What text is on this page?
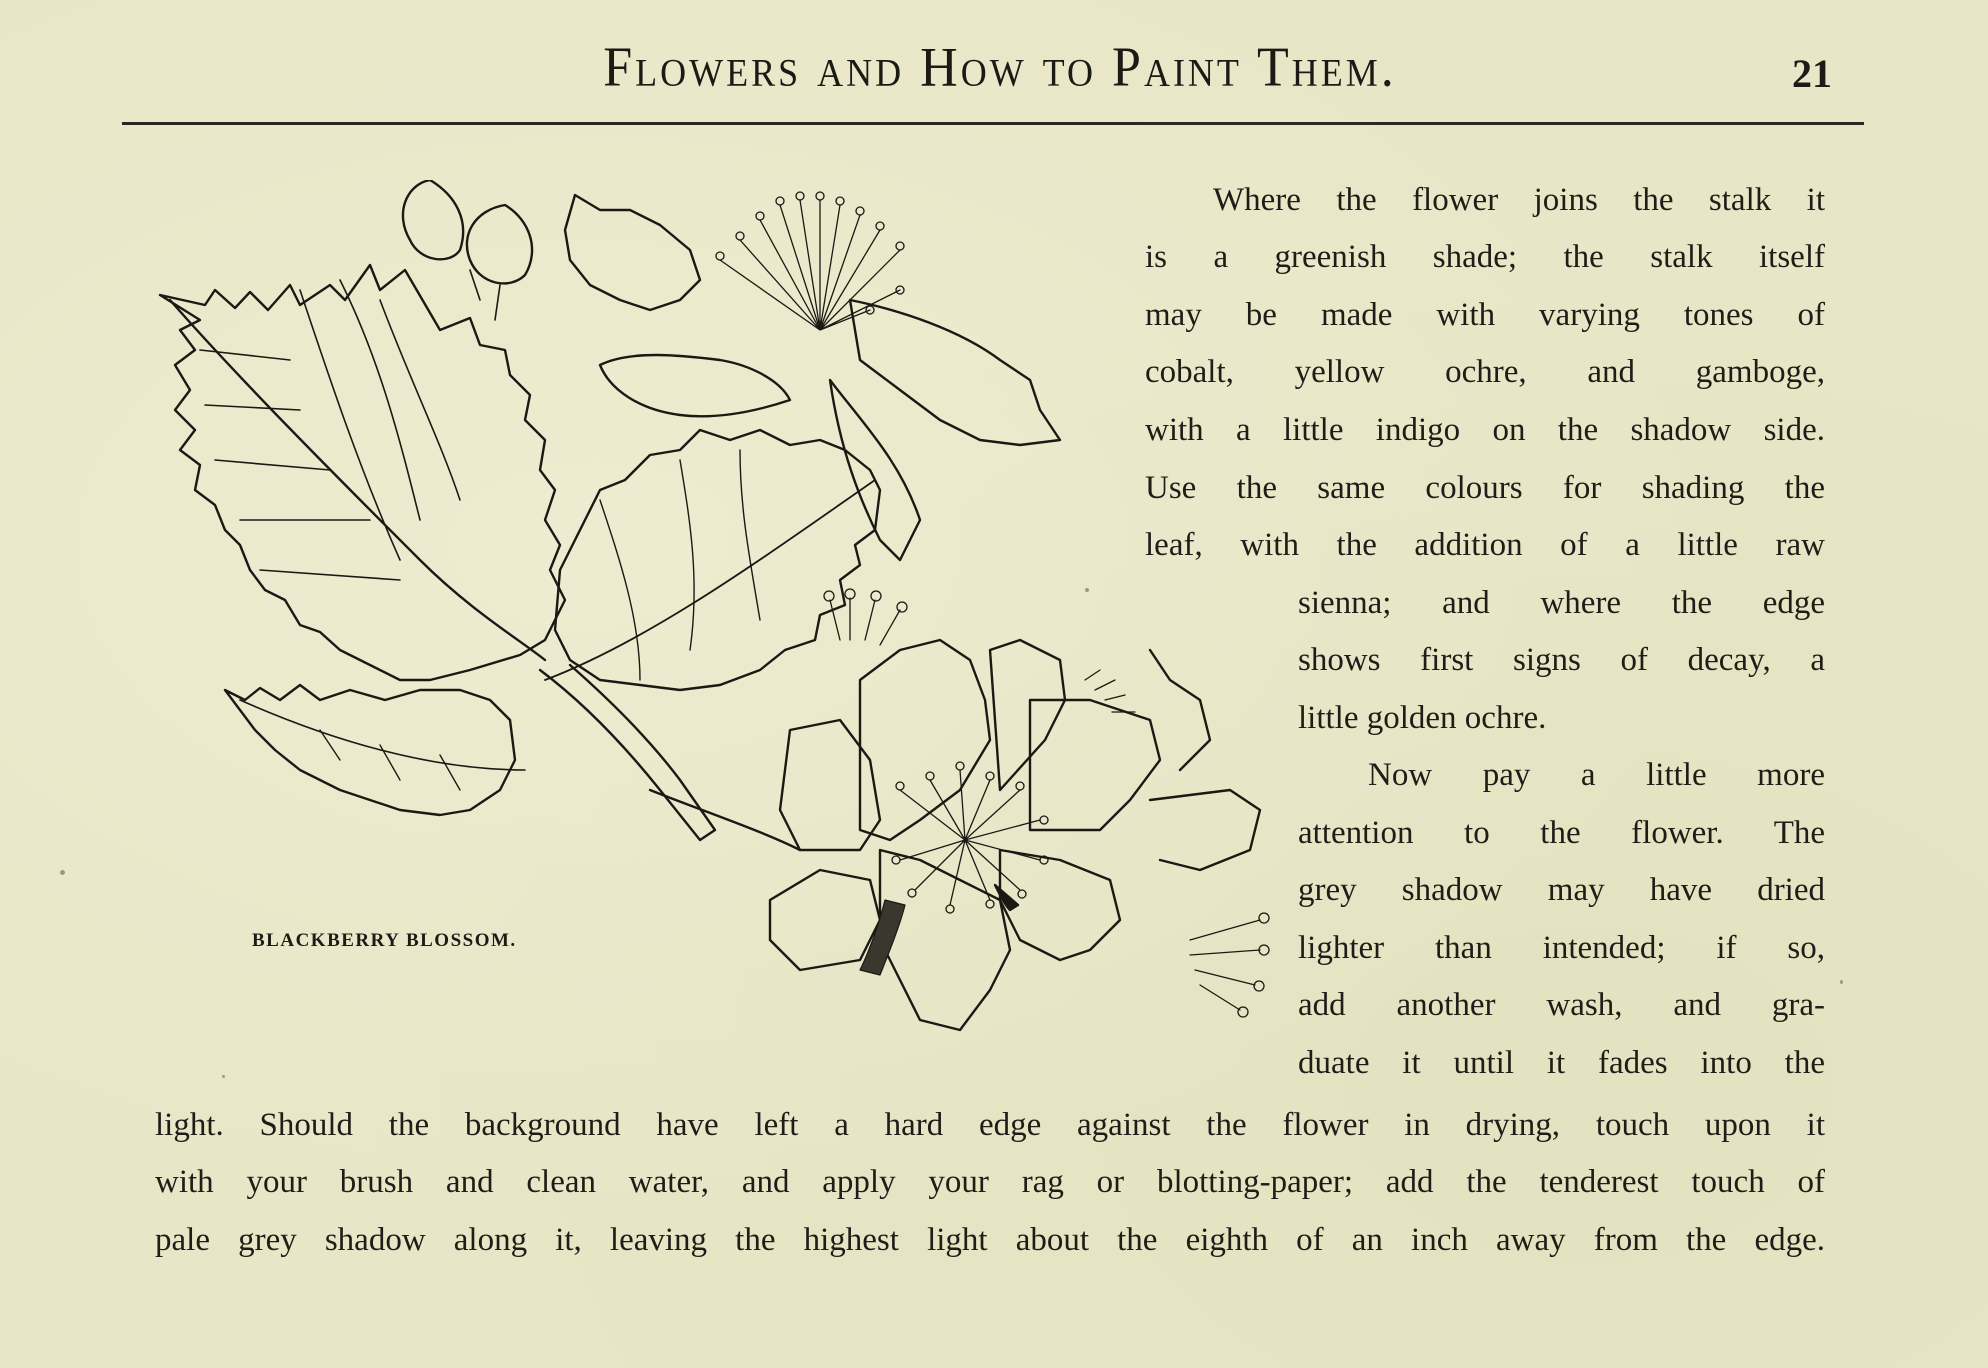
Flowers and How to Paint Them.	21
BLACKBERRY BLOSSOM.
Where the flower joins the stalk it
is a greenish shade; the stalk itself
may be made with varying tones of
cobalt, yellow ochre, and gamboge,
with a little indigo on the shadow side.
Use the same colours for shading the
leaf, with the addition of a little raw
sienna; and where the edge
shows first signs of decay, a
little golden ochre.
Now pay a little more
attention to the flower. The
grey shadow may have dried
lighter than intended; if so,
add another wash, and gra-
duate it until it fades into the
light. Should the background have left a hard edge against the flower in drying, touch upon it
with your brush and clean water, and apply your rag or blotting-paper; add the tenderest touch of
pale grey shadow along it, leaving the highest light about the eighth of an inch away from the edge.
